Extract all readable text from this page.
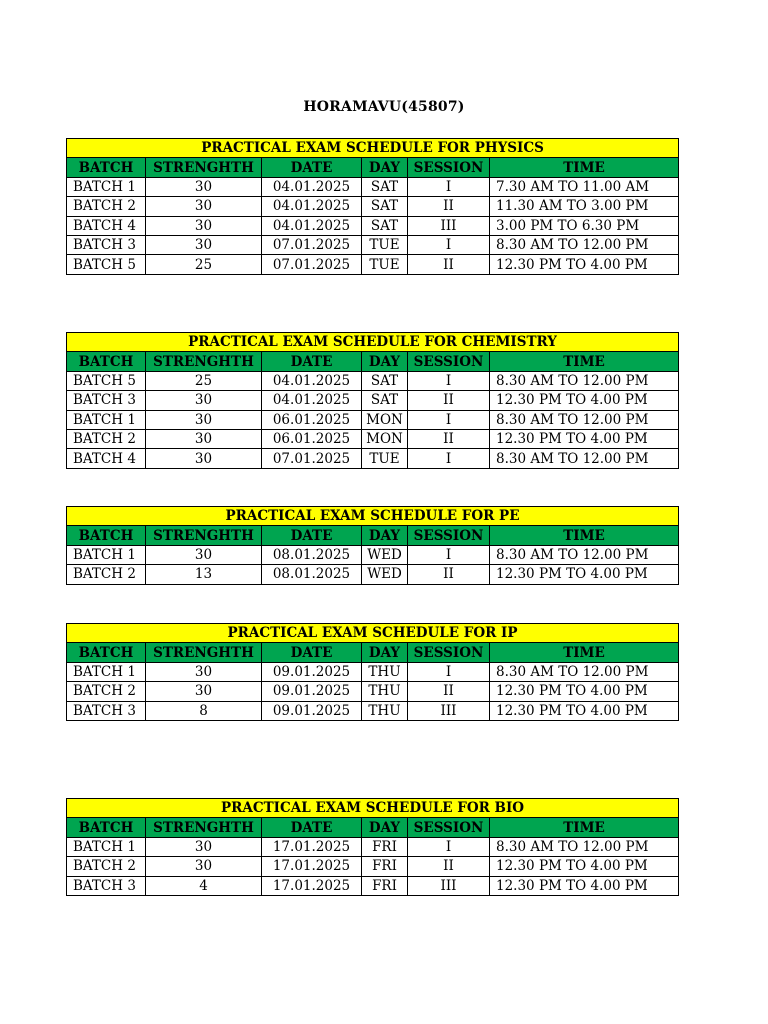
HORAMAVU(45807)
PRACTICAL EXAM SCHEDULE FOR PHYSICS					
BATCH	STRENGHTH	DATE	DAY	SESSION	TIME
BATCH 1	30	04.01.2025	SAT	I	7.30 AM TO 11.00 AM
BATCH 2	30	04.01.2025	SAT	II	11.30 AM TO 3.00 PM
BATCH 4	30	04.01.2025	SAT	III	3.00 PM TO 6.30 PM
BATCH 3	30	07.01.2025	TUE	I	8.30 AM TO 12.00 PM
BATCH 5	25	07.01.2025	TUE	II	12.30 PM TO 4.00 PM
PRACTICAL EXAM SCHEDULE FOR CHEMISTRY					
BATCH	STRENGHTH	DATE	DAY	SESSION	TIME
BATCH 5	25	04.01.2025	SAT	I	8.30 AM TO 12.00 PM
BATCH 3	30	04.01.2025	SAT	II	12.30 PM TO 4.00 PM
BATCH 1	30	06.01.2025	MON	I	8.30 AM TO 12.00 PM
BATCH 2	30	06.01.2025	MON	II	12.30 PM TO 4.00 PM
BATCH 4	30	07.01.2025	TUE	I	8.30 AM TO 12.00 PM
PRACTICAL EXAM SCHEDULE FOR PE					
BATCH	STRENGHTH	DATE	DAY	SESSION	TIME
BATCH 1	30	08.01.2025	WED	I	8.30 AM TO 12.00 PM
BATCH 2	13	08.01.2025	WED	II	12.30 PM TO 4.00 PM
PRACTICAL EXAM SCHEDULE FOR IP					
BATCH	STRENGHTH	DATE	DAY	SESSION	TIME
BATCH 1	30	09.01.2025	THU	I	8.30 AM TO 12.00 PM
BATCH 2	30	09.01.2025	THU	II	12.30 PM TO 4.00 PM
BATCH 3	8	09.01.2025	THU	III	12.30 PM TO 4.00 PM
PRACTICAL EXAM SCHEDULE FOR BIO					
BATCH	STRENGHTH	DATE	DAY	SESSION	TIME
BATCH 1	30	17.01.2025	FRI	I	8.30 AM TO 12.00 PM
BATCH 2	30	17.01.2025	FRI	II	12.30 PM TO 4.00 PM
BATCH 3	4	17.01.2025	FRI	III	12.30 PM TO 4.00 PM
